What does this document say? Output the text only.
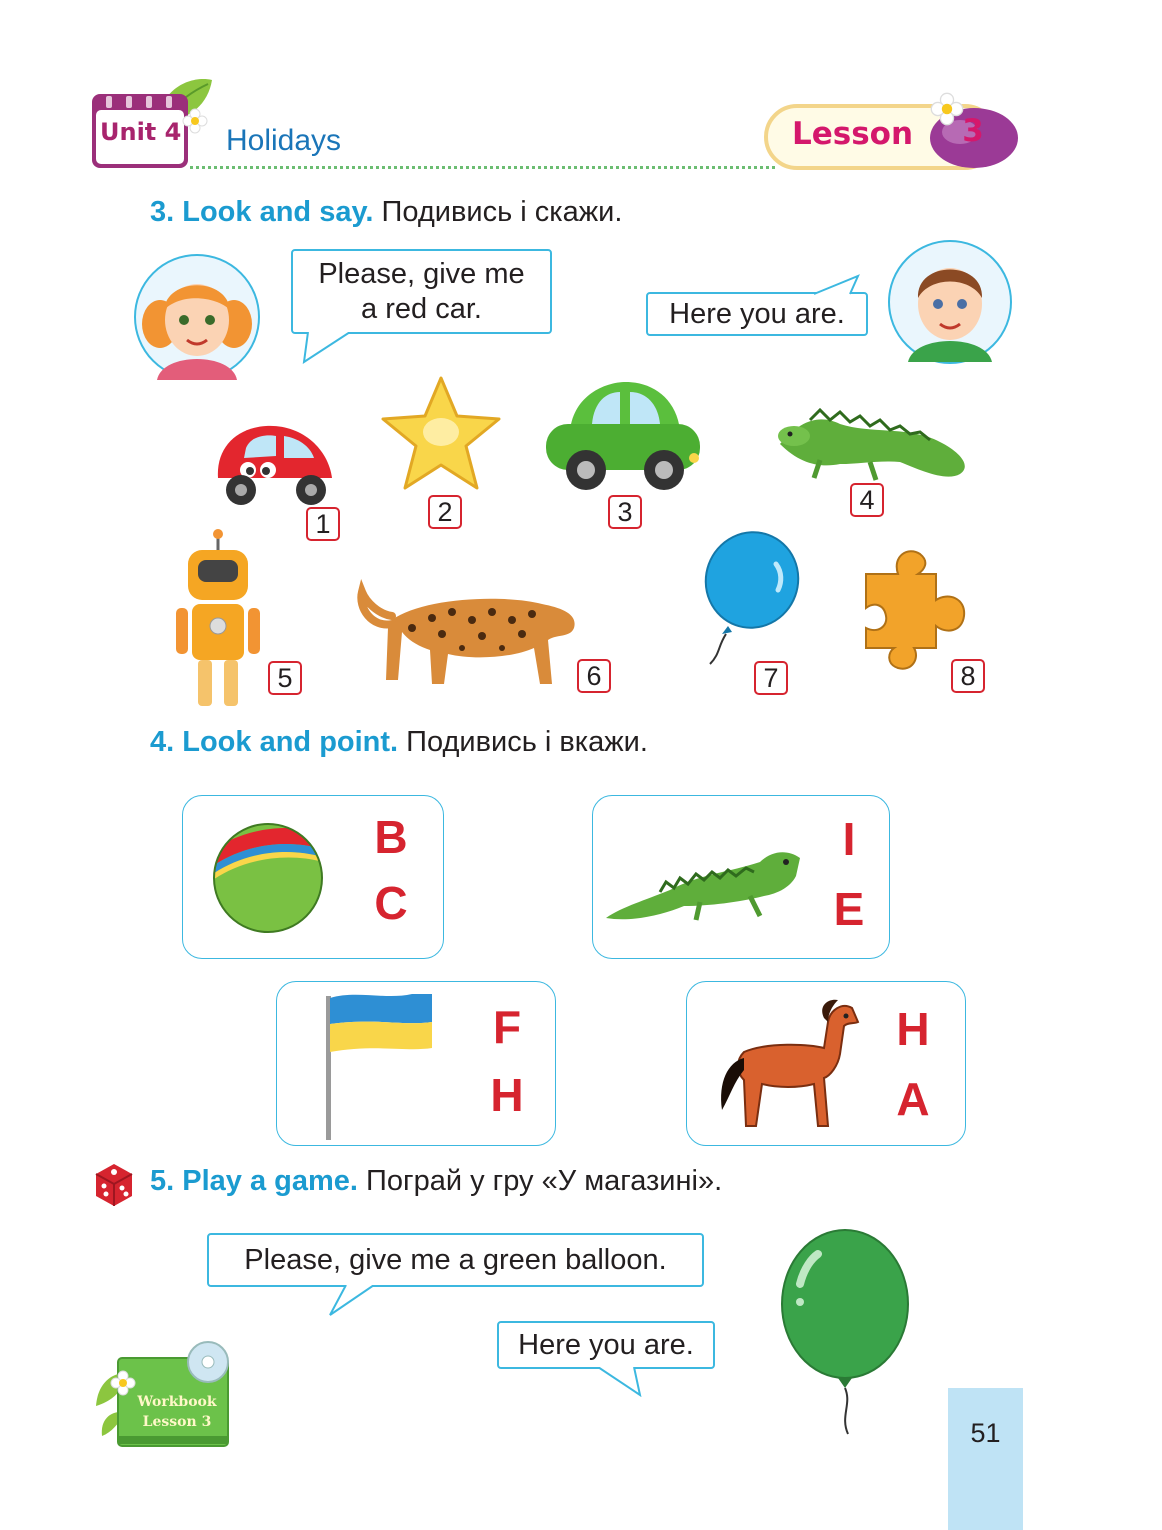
Unit 4 Holidays	Lesson 3
3. Look and say. Подивись і скажи.
Please, give me
a red car.	Here you are.
1	2	3	4
5	6	7	8
4. Look and point. Подивись і вкажи.
B
C
I
E
F
H
H
A
5. Play a game. Пограй у гру «У магазині».
Please, give me a green balloon.
Here you are.
Workbook
Lesson 3	51
